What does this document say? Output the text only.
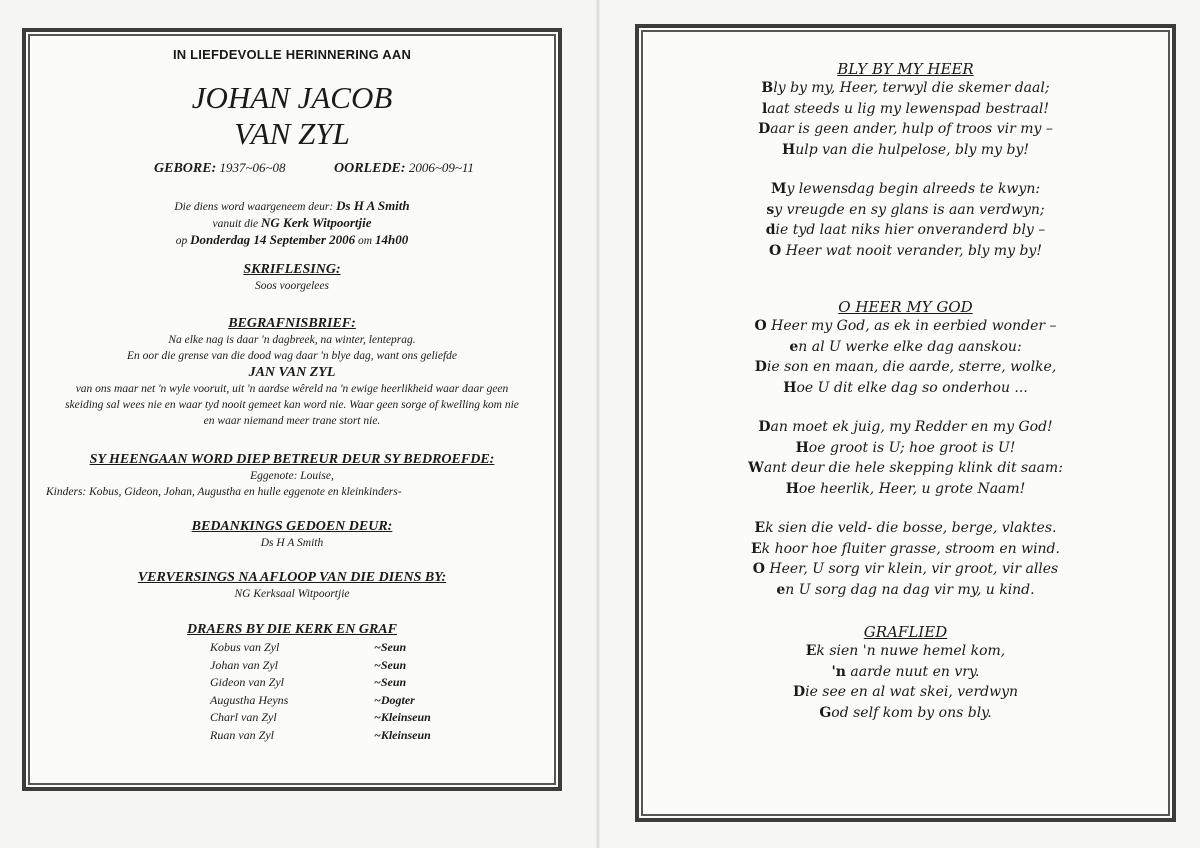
IN LIEFDEVOLLE HERINNERING AAN
JOHAN JACOB
VAN ZYL
GEBORE: 1937~06~08	OORLEDE: 2006~09~11
Die diens word waargeneem deur: Ds H A Smith
vanuit die NG Kerk Witpoortjie
op Donderdag 14 September 2006 om 14h00
SKRIFLESING:
Soos voorgelees
BEGRAFNISBRIEF:
Na elke nag is daar 'n dagbreek, na winter, lenteprag.
En oor die grense van die dood wag daar 'n blye dag, want ons geliefde
JAN VAN ZYL
van ons maar net 'n wyle vooruit, uit 'n aardse wêreld na 'n ewige heerlikheid waar daar geen
skeiding sal wees nie en waar tyd nooit gemeet kan word nie. Waar geen sorge of kwelling kom nie
en waar niemand meer trane stort nie.
SY HEENGAAN WORD DIEP BETREUR DEUR SY BEDROEFDE:
Eggenote: Louise,
Kinders: Kobus, Gideon, Johan, Augustha en hulle eggenote en kleinkinders-
BEDANKINGS GEDOEN DEUR:
Ds H A Smith
VERVERSINGS NA AFLOOP VAN DIE DIENS BY:
NG Kerksaal Witpoortjie
DRAERS BY DIE KERK EN GRAF
Kobus van Zyl	~Seun
Johan van Zyl	~Seun
Gideon van Zyl	~Seun
Augustha Heyns	~Dogter
Charl van Zyl	~Kleinseun
Ruan van Zyl	~Kleinseun
BLY BY MY HEER
Bly by my, Heer, terwyl die skemer daal;
laat steeds u lig my lewenspad bestraal!
Daar is geen ander, hulp of troos vir my –
Hulp van die hulpelose, bly my by!
My lewensdag begin alreeds te kwyn:
sy vreugde en sy glans is aan verdwyn;
die tyd laat niks hier onveranderd bly –
O Heer wat nooit verander, bly my by!
O HEER MY GOD
O Heer my God, as ek in eerbied wonder –
en al U werke elke dag aanskou:
Die son en maan, die aarde, sterre, wolke,
Hoe U dit elke dag so onderhou ...
Dan moet ek juig, my Redder en my God!
Hoe groot is U; hoe groot is U!
Want deur die hele skepping klink dit saam:
Hoe heerlik, Heer, u grote Naam!
Ek sien die veld- die bosse, berge, vlaktes.
Ek hoor hoe fluiter grasse, stroom en wind.
O Heer, U sorg vir klein, vir groot, vir alles
en U sorg dag na dag vir my, u kind.
GRAFLIED
Ek sien 'n nuwe hemel kom,
'n aarde nuut en vry.
Die see en al wat skei, verdwyn
God self kom by ons bly.
